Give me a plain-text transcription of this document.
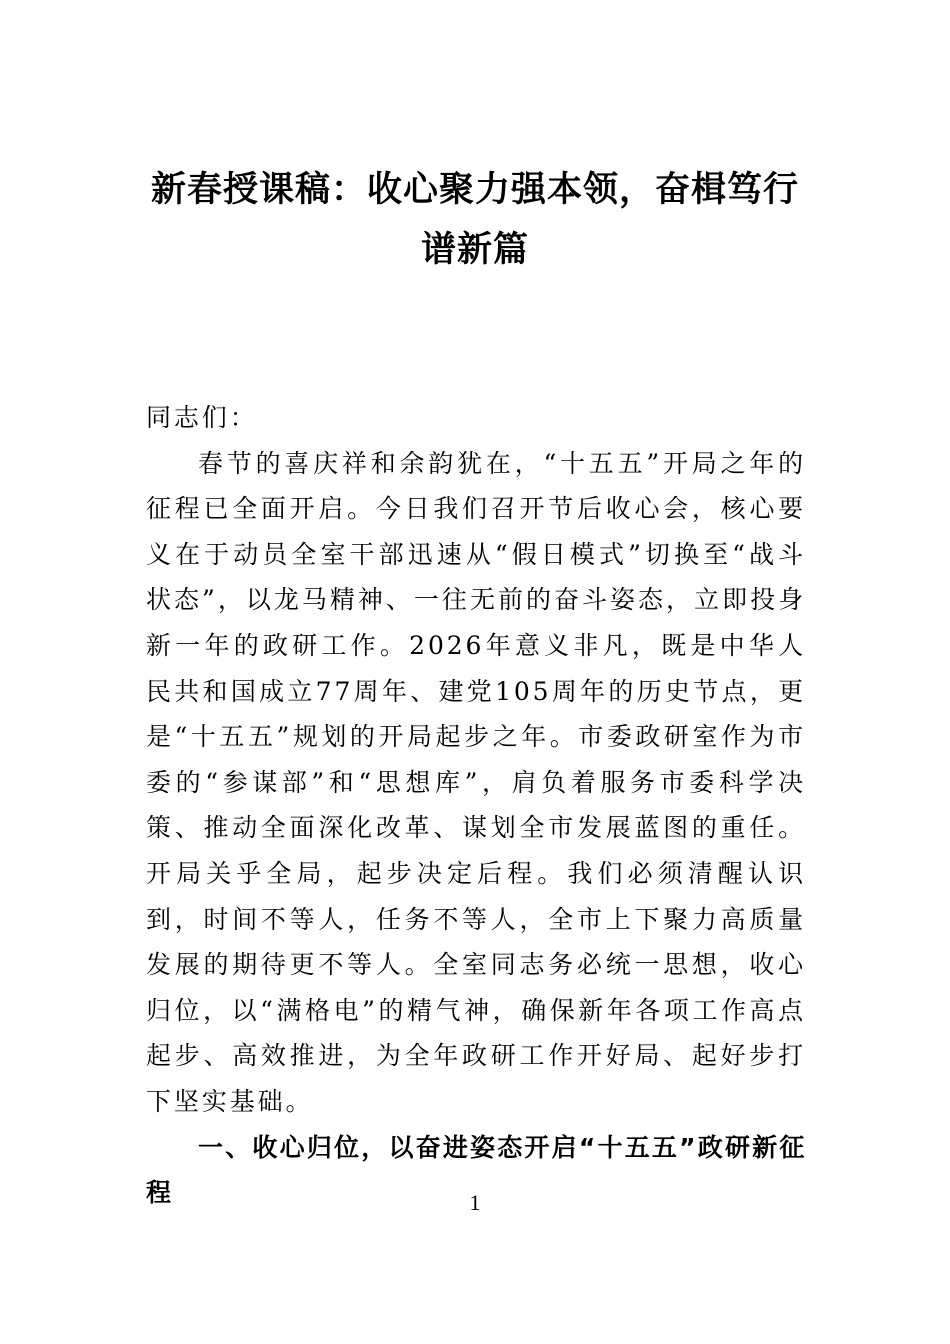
新春授课稿：收心聚力强本领，奋楫笃行
谱新篇

同志们：

春节的喜庆祥和余韵犹在，“十五五”开局之年的征程已全面开启。今日我们召开节后收心会，核心要义在于动员全室干部迅速从“假日模式”切换至“战斗状态”，以龙马精神、一往无前的奋斗姿态，立即投身新一年的政研工作。2026年意义非凡，既是中华人民共和国成立77周年、建党105周年的历史节点，更是“十五五”规划的开局起步之年。市委政研室作为市委的“参谋部”和“思想库”，肩负着服务市委科学决策、推动全面深化改革、谋划全市发展蓝图的重任。开局关乎全局，起步决定后程。我们必须清醒认识到，时间不等人，任务不等人，全市上下聚力高质量发展的期待更不等人。全室同志务必统一思想，收心归位，以“满格电”的精气神，确保新年各项工作高点起步、高效推进，为全年政研工作开好局、起好步打下坚实基础。

一、收心归位，以奋进姿态开启“十五五”政研新征程	1
